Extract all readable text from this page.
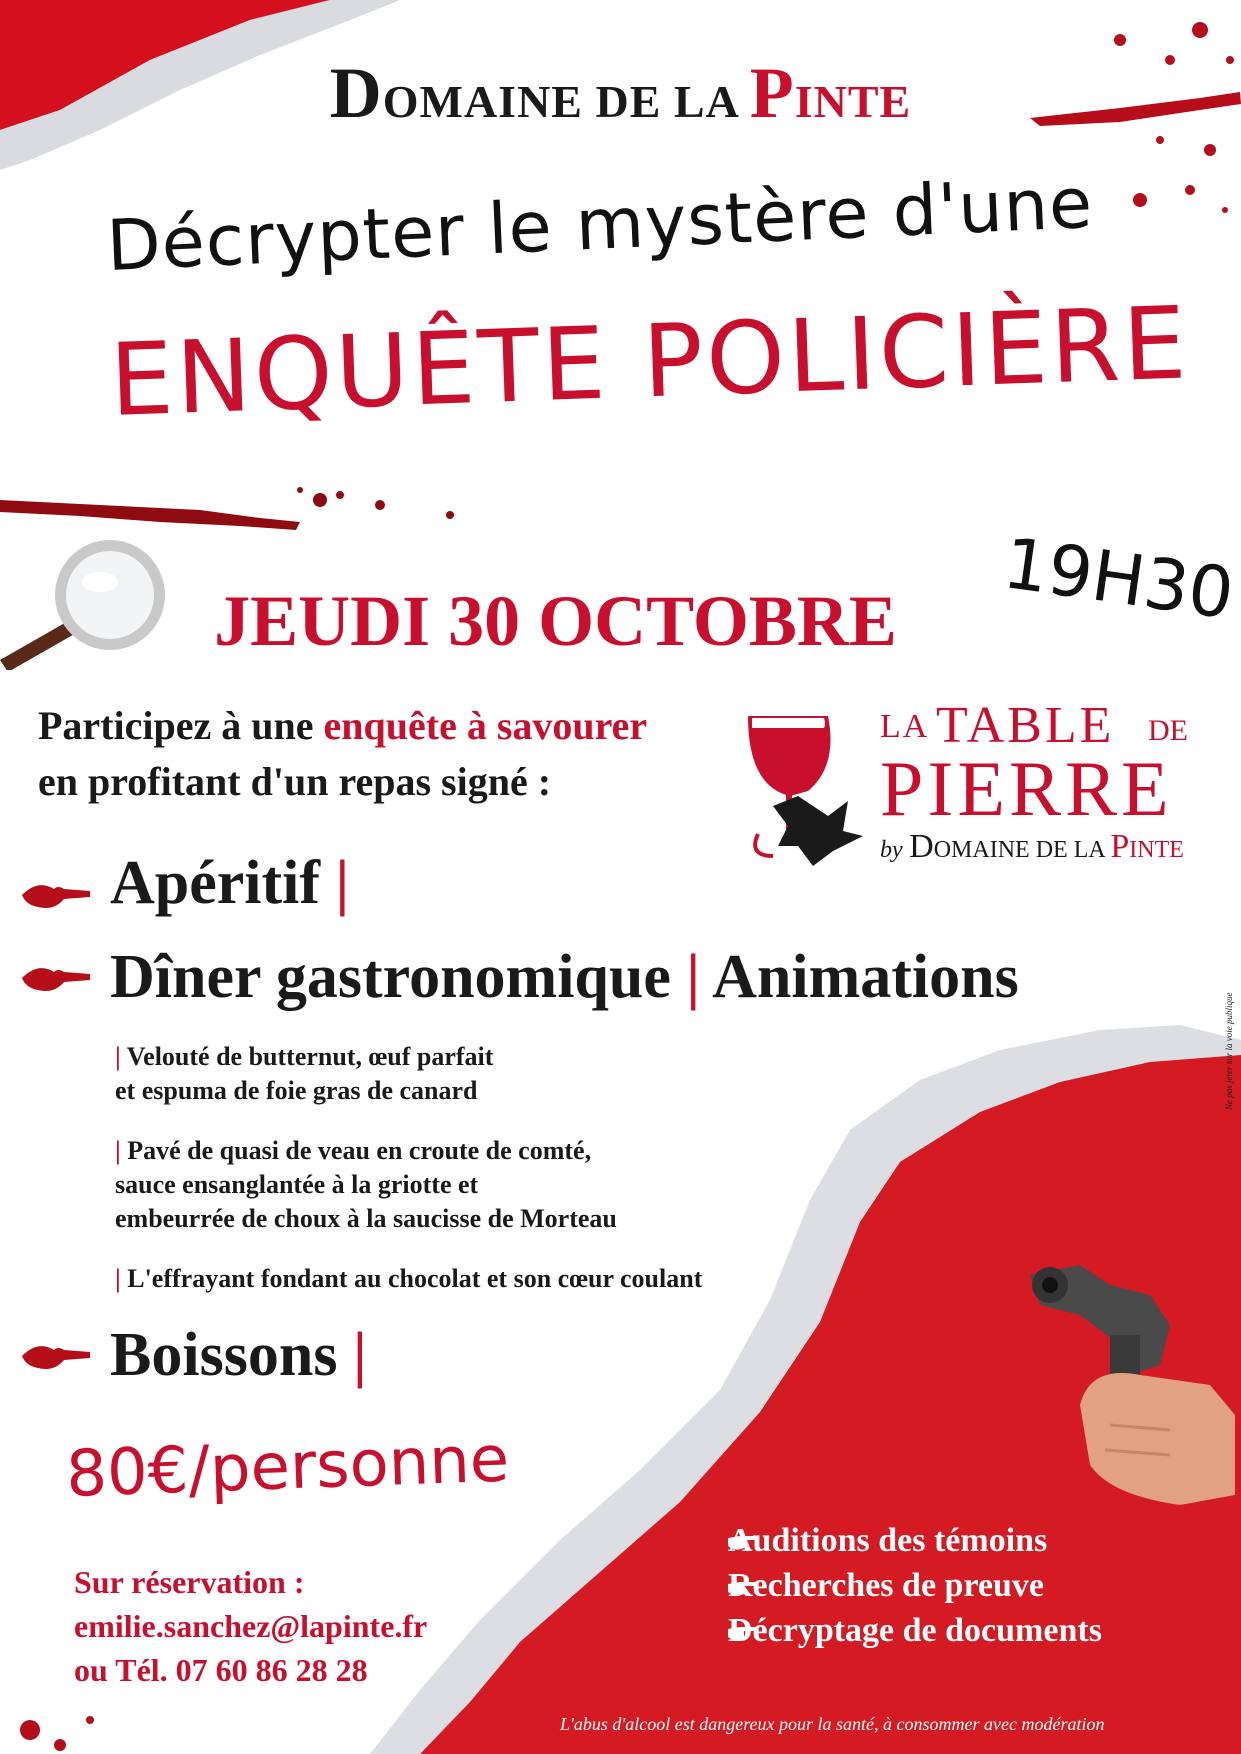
DOMAINE DE LA PINTE
Décrypter le mystère d'une
ENQUÊTE POLICIÈRE
JEUDI 30 OCTOBRE	19H30
Participez à une enquête à savourer
en profitant d'un repas signé :
LA TABLE DE
PIERRE
by DOMAINE DE LA PINTE
Apéritif |
Dîner gastronomique | Animations
| Velouté de butternut, œuf parfait
et espuma de foie gras de canard
| Pavé de quasi de veau en croute de comté,
sauce ensanglantée à la griotte et
embeurrée de choux à la saucisse de Morteau
| L'effrayant fondant au chocolat et son cœur coulant
Boissons |
80€/personne
Sur réservation :
emilie.sanchez@lapinte.fr
ou Tél. 07 60 86 28 28
Auditions des témoins
Recherches de preuve
Décryptage de documents
L'abus d'alcool est dangereux pour la santé, à consommer avec modération
Ne pas jeter sur la voie publique
